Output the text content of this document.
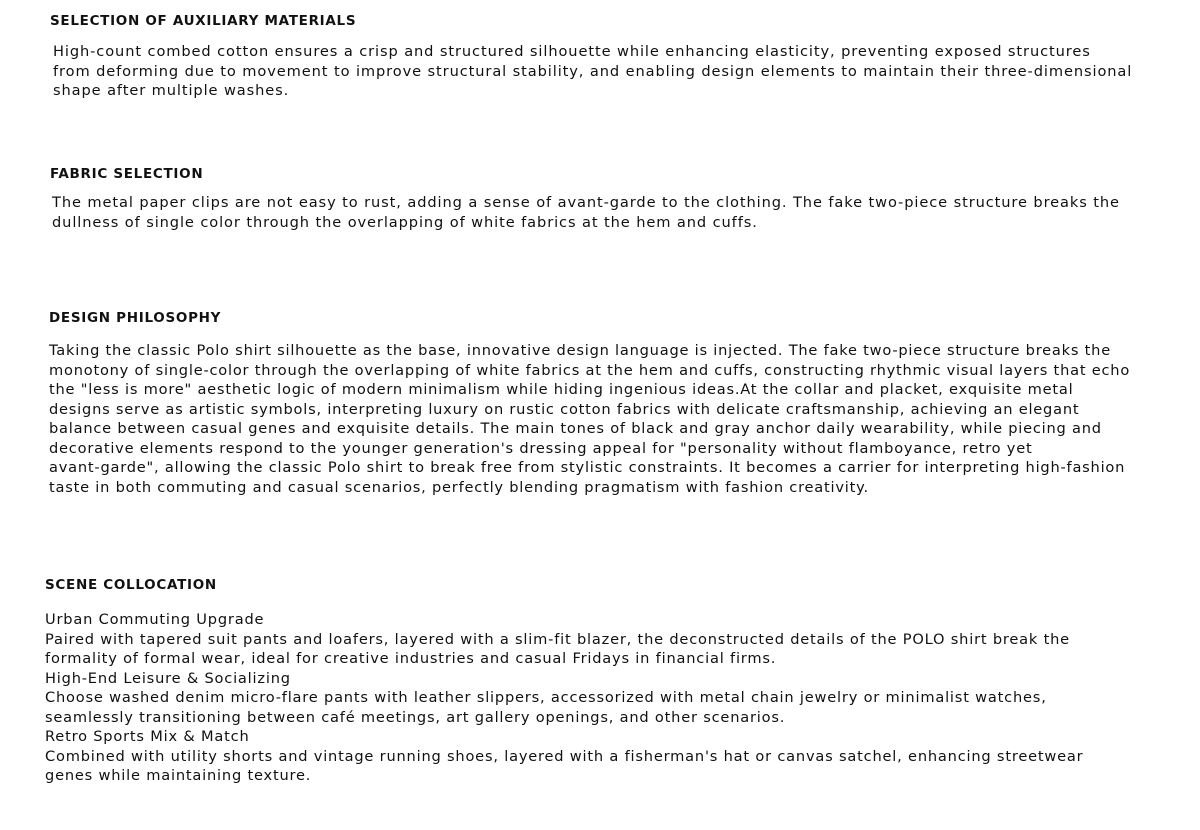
SELECTION OF AUXILIARY MATERIALS

High-count combed cotton ensures a crisp and structured silhouette while enhancing elasticity, preventing exposed structures
from deforming due to movement to improve structural stability, and enabling design elements to maintain their three-dimensional
shape after multiple washes.

FABRIC SELECTION

The metal paper clips are not easy to rust, adding a sense of avant-garde to the clothing. The fake two-piece structure breaks the
dullness of single color through the overlapping of white fabrics at the hem and cuffs.

DESIGN PHILOSOPHY

Taking the classic Polo shirt silhouette as the base, innovative design language is injected. The fake two-piece structure breaks the
monotony of single-color through the overlapping of white fabrics at the hem and cuffs, constructing rhythmic visual layers that echo
the "less is more" aesthetic logic of modern minimalism while hiding ingenious ideas.At the collar and placket, exquisite metal
designs serve as artistic symbols, interpreting luxury on rustic cotton fabrics with delicate craftsmanship, achieving an elegant
balance between casual genes and exquisite details. The main tones of black and gray anchor daily wearability, while piecing and
decorative elements respond to the younger generation's dressing appeal for "personality without flamboyance, retro yet
avant-garde", allowing the classic Polo shirt to break free from stylistic constraints. It becomes a carrier for interpreting high-fashion
taste in both commuting and casual scenarios, perfectly blending pragmatism with fashion creativity.

SCENE COLLOCATION

Urban Commuting Upgrade
Paired with tapered suit pants and loafers, layered with a slim-fit blazer, the deconstructed details of the POLO shirt break the
formality of formal wear, ideal for creative industries and casual Fridays in financial firms.
High-End Leisure & Socializing
Choose washed denim micro-flare pants with leather slippers, accessorized with metal chain jewelry or minimalist watches,
seamlessly transitioning between café meetings, art gallery openings, and other scenarios.
Retro Sports Mix & Match
Combined with utility shorts and vintage running shoes, layered with a fisherman's hat or canvas satchel, enhancing streetwear
genes while maintaining texture.
